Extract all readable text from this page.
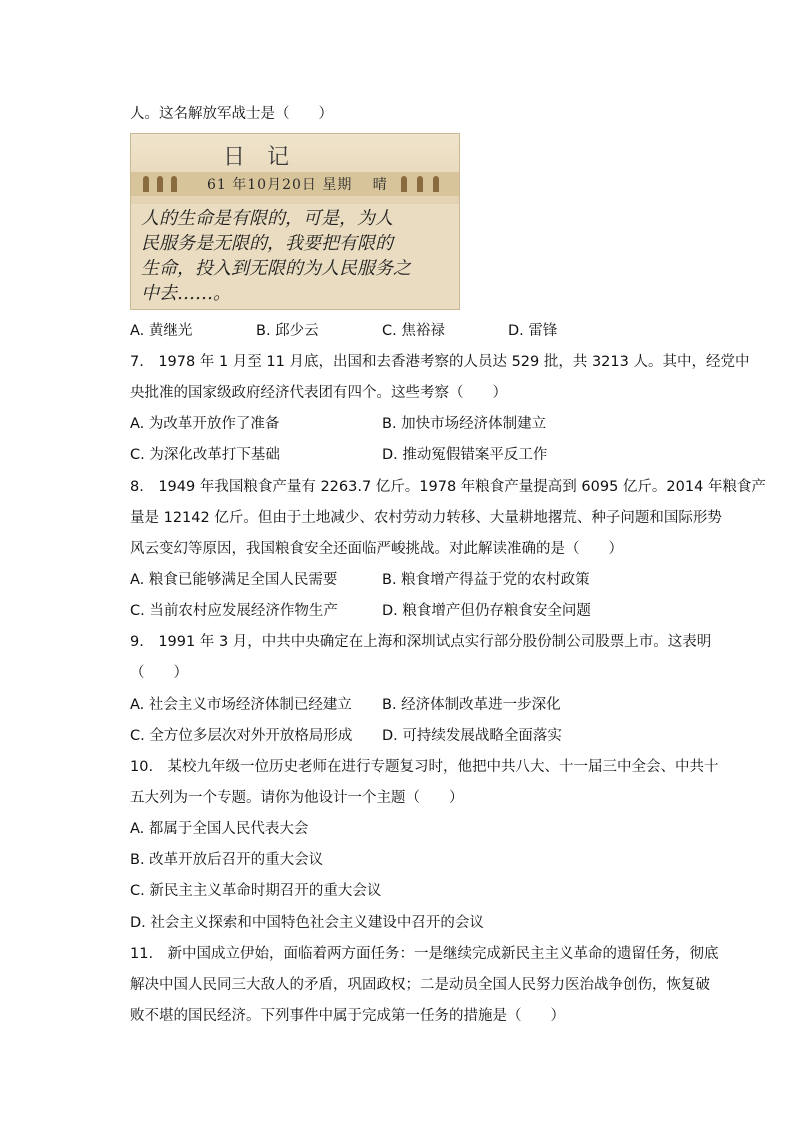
人。这名解放军战士是（　　）
日记
61 年10月20日 星期　 晴
人的生命是有限的，可是，为人
民服务是无限的，我要把有限的
生命，投入到无限的为人民服务之
中去……。
A. 黄继光	B. 邱少云	C. 焦裕禄	D. 雷锋
7.　1978 年 1 月至 11 月底，出国和去香港考察的人员达 529 批，共 3213 人。其中，经党中
央批准的国家级政府经济代表团有四个。这些考察（　　）
A. 为改革开放作了准备	B. 加快市场经济体制建立
C. 为深化改革打下基础	D. 推动冤假错案平反工作
8.　1949 年我国粮食产量有 2263.7 亿斤。1978 年粮食产量提高到 6095 亿斤。2014 年粮食产
量是 12142 亿斤。但由于土地减少、农村劳动力转移、大量耕地撂荒、种子问题和国际形势
风云变幻等原因，我国粮食安全还面临严峻挑战。对此解读准确的是（　　）
A. 粮食已能够满足全国人民需要	B. 粮食增产得益于党的农村政策
C. 当前农村应发展经济作物生产	D. 粮食增产但仍存粮食安全问题
9.　1991 年 3 月，中共中央确定在上海和深圳试点实行部分股份制公司股票上市。这表明
（　　）
A. 社会主义市场经济体制已经建立 B. 经济体制改革进一步深化
C. 全方位多层次对外开放格局形成 D. 可持续发展战略全面落实
10.　某校九年级一位历史老师在进行专题复习时，他把中共八大、十一届三中全会、中共十
五大列为一个专题。请你为他设计一个主题（　　）
A. 都属于全国人民代表大会
B. 改革开放后召开的重大会议
C. 新民主主义革命时期召开的重大会议
D. 社会主义探索和中国特色社会主义建设中召开的会议
11.　新中国成立伊始，面临着两方面任务：一是继续完成新民主主义革命的遗留任务，彻底
解决中国人民同三大敌人的矛盾，巩固政权；二是动员全国人民努力医治战争创伤，恢复破
败不堪的国民经济。下列事件中属于完成第一任务的措施是（　　）
